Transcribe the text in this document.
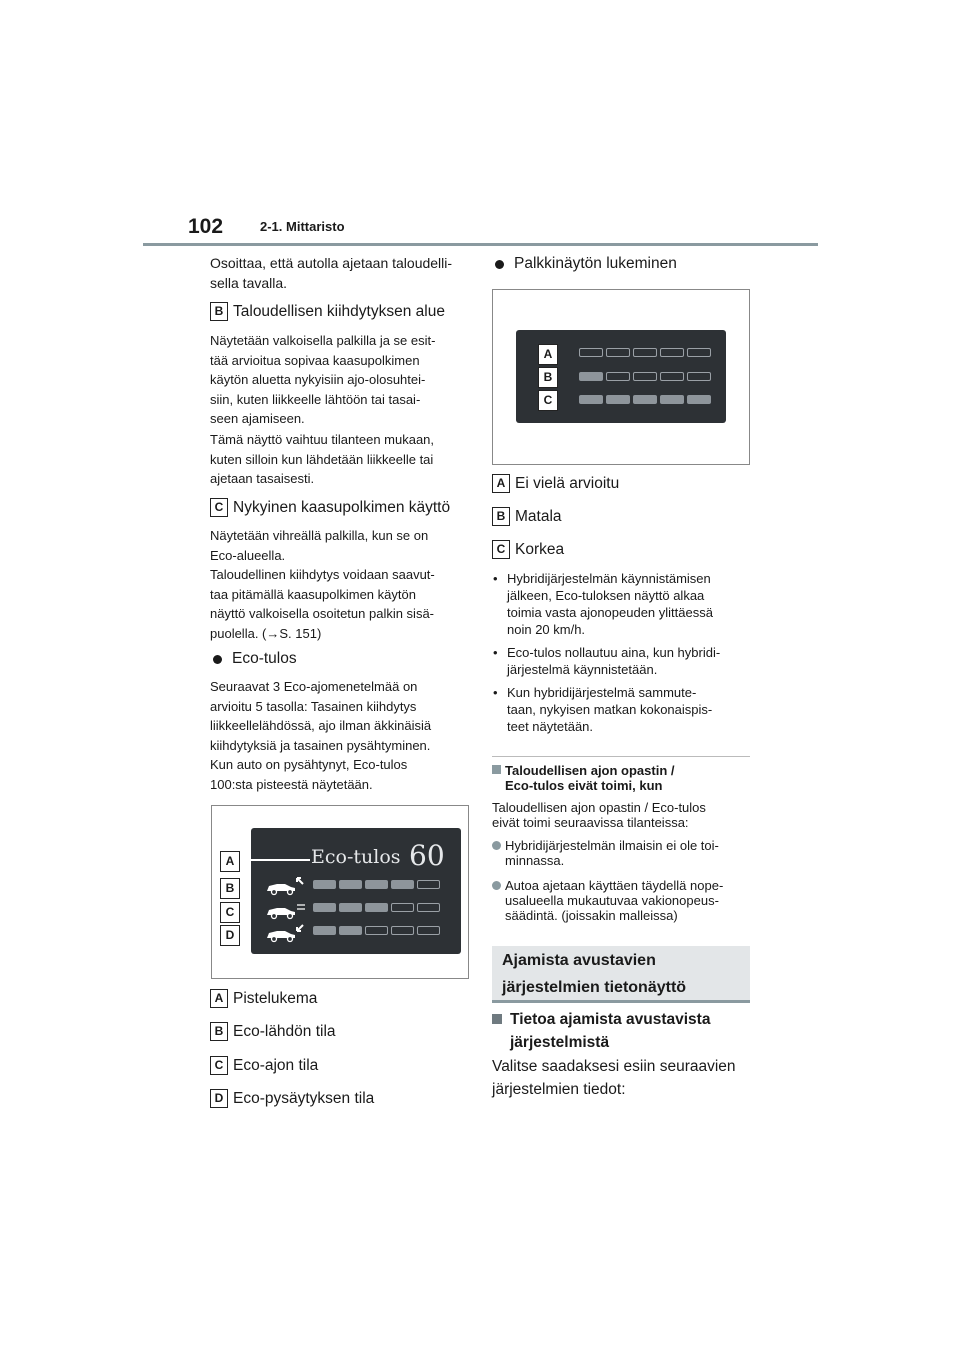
102	2-1. Mittaristo
Osoittaa, että autolla ajetaan taloudelli-
sella tavalla.
B Taloudellisen kiihdytyksen alue
Näytetään valkoisella palkilla ja se esit-
tää arvioitua sopivaa kaasupolkimen
käytön aluetta nykyisiin ajo-olosuhtei-
siin, kuten liikkeelle lähtöön tai tasai-
seen ajamiseen.
Tämä näyttö vaihtuu tilanteen mukaan,
kuten silloin kun lähdetään liikkeelle tai
ajetaan tasaisesti.
C Nykyinen kaasupolkimen käyttö
Näytetään vihreällä palkilla, kun se on
Eco-alueella.
Taloudellinen kiihdytys voidaan saavut-
taa pitämällä kaasupolkimen käytön
näyttö valkoisella osoitetun palkin sisä-
puolella. (→S. 151)
Eco-tulos
Seuraavat 3 Eco-ajomenetelmää on
arvioitu 5 tasolla: Tasainen kiihdytys
liikkeellelähdössä, ajo ilman äkkinäisiä
kiihdytyksiä ja tasainen pysähtyminen.
Kun auto on pysähtynyt, Eco-tulos
100:sta pisteestä näytetään.
Eco-tulos 60
A
B
C
D
A Pistelukema
B Eco-lähdön tila
C Eco-ajon tila
D Eco-pysäytyksen tila
Palkkinäytön lukeminen
A
B
C
A Ei vielä arvioitu
B Matala
C Korkea
• Hybridijärjestelmän käynnistämisen
jälkeen, Eco-tuloksen näyttö alkaa
toimia vasta ajonopeuden ylittäessä
noin 20 km/h.
• Eco-tulos nollautuu aina, kun hybridi-
järjestelmä käynnistetään.
• Kun hybridijärjestelmä sammute-
taan, nykyisen matkan kokonaispis-
teet näytetään.
Taloudellisen ajon opastin /
Eco-tulos eivät toimi, kun
Taloudellisen ajon opastin / Eco-tulos
eivät toimi seuraavissa tilanteissa:
Hybridijärjestelmän ilmaisin ei ole toi-
minnassa.
Autoa ajetaan käyttäen täydellä nope-
usalueella mukautuvaa vakionopeus-
säädintä. (joissakin malleissa)
Ajamista avustavien
järjestelmien tietonäyttö
Tietoa ajamista avustavista
järjestelmistä
Valitse saadaksesi esiin seuraavien
järjestelmien tiedot:
